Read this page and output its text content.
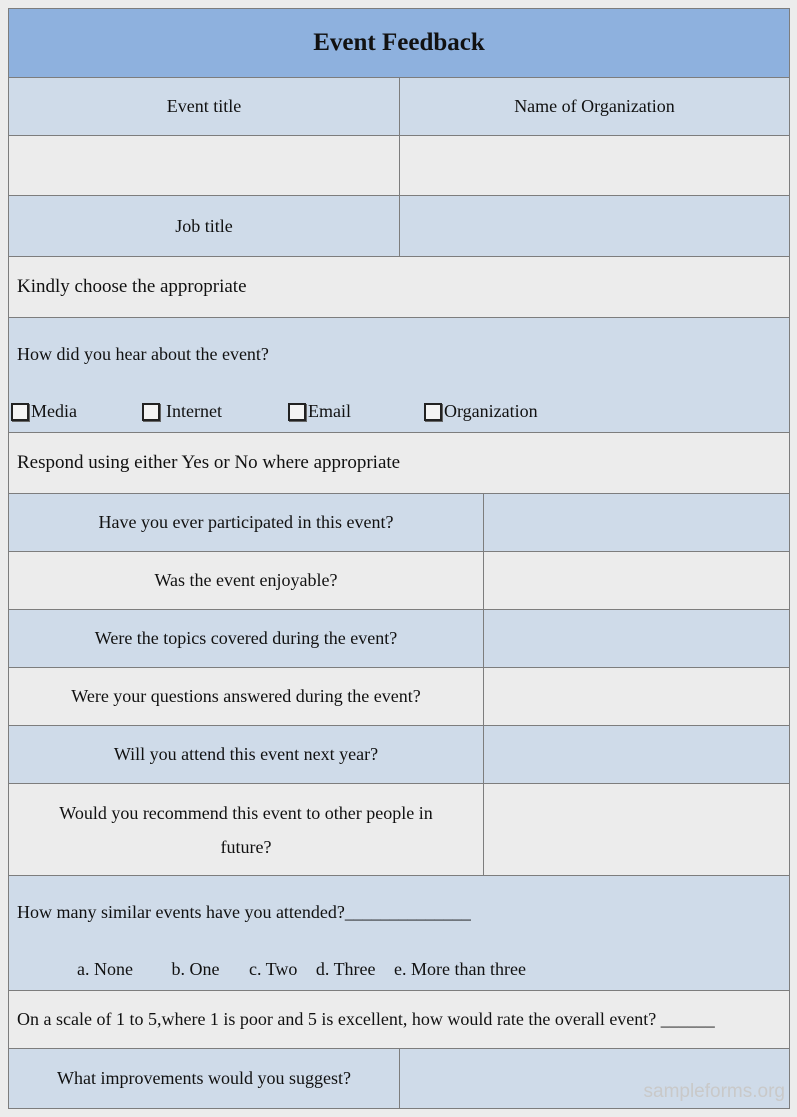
Event Feedback
Event title	Name of Organization
Job title
Kindly choose the appropriate
How did you hear about the event?
Media	Internet	Email	Organization
Respond using either Yes or No where appropriate
Have you ever participated in this event?
Was the event enjoyable?
Were the topics covered during the event?
Were your questions answered during the event?
Will you attend this event next year?
Would you recommend this event to other people in future?
How many similar events have you attended?______________
a. None b. One c. Two d. Three e. More than three
On a scale of 1 to 5,where 1 is poor and 5 is excellent, how would rate the overall event? ______
What improvements would you suggest?
sampleforms.org
